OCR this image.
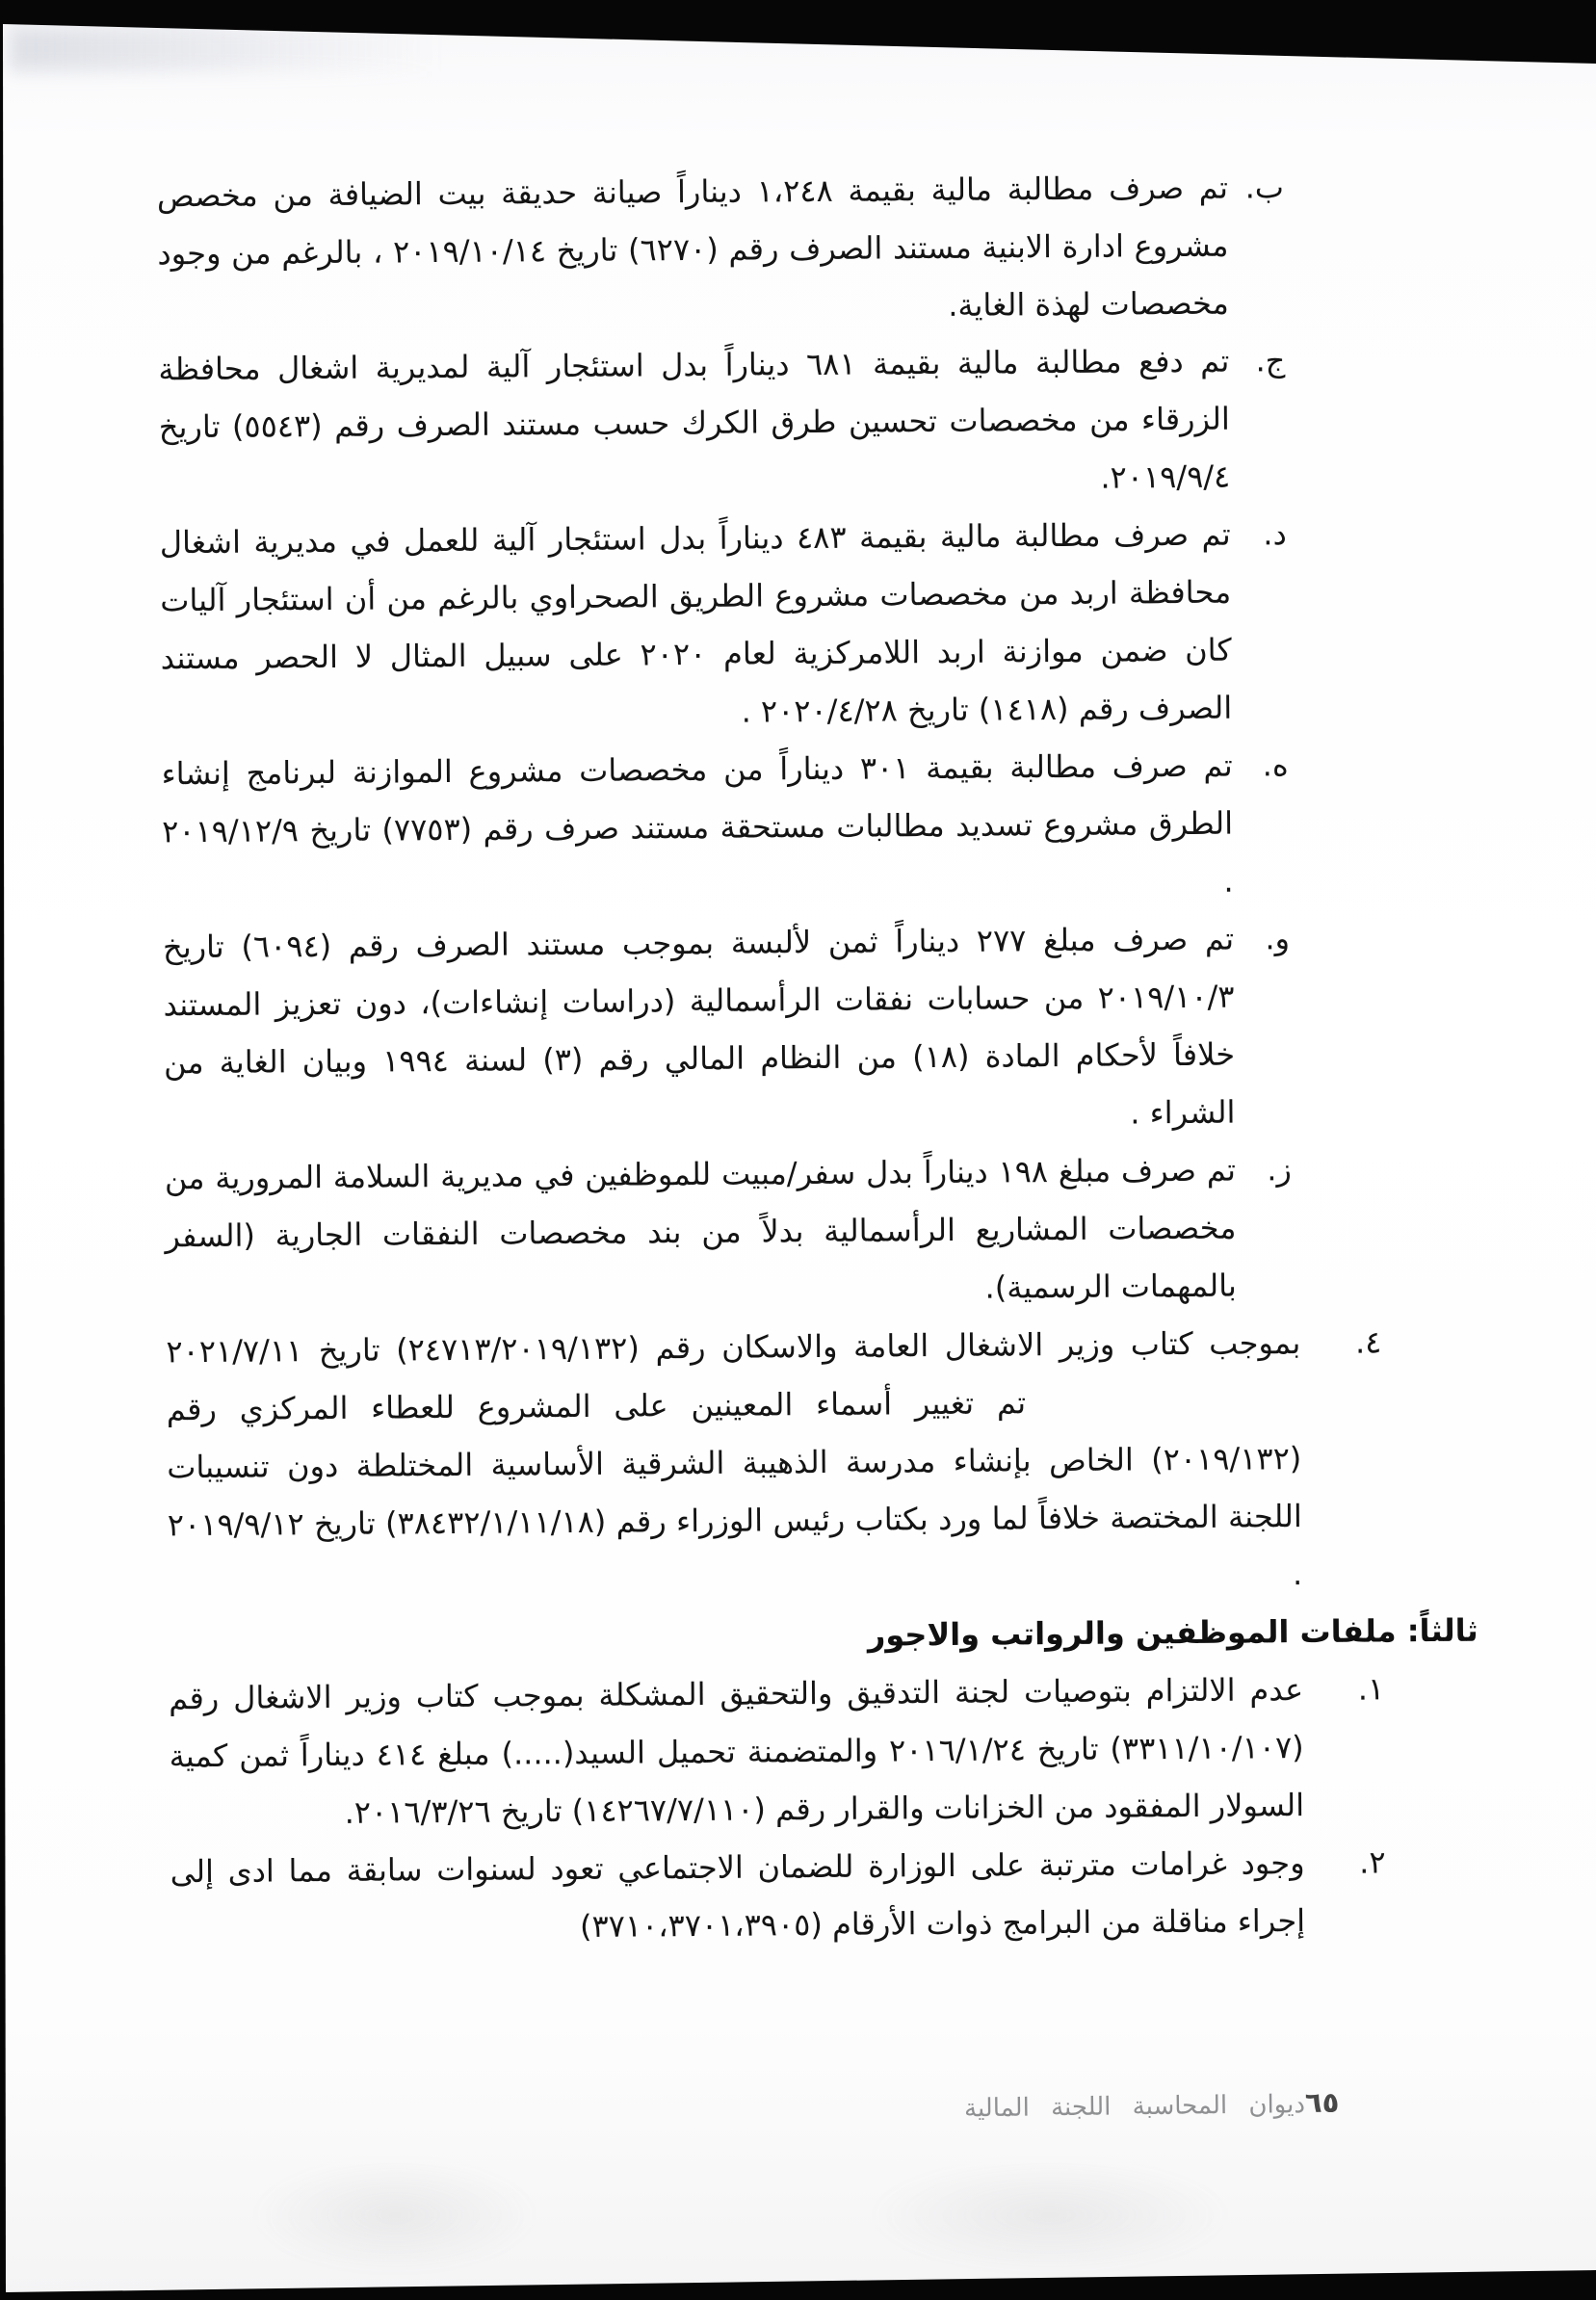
ب.
تم صرف مطالبة مالية بقيمة ١،٢٤٨ ديناراً صيانة حديقة بيت الضيافة من مخصص مشروع ادارة الابنية مستند الصرف رقم (٦٢٧٠) تاريخ ٢٠١٩/١٠/١٤ ، بالرغم من وجود مخصصات لهذة الغاية.
ج.
تم دفع مطالبة مالية بقيمة ٦٨١ ديناراً بدل استئجار آلية لمديرية اشغال محافظة الزرقاء من مخصصات تحسين طرق الكرك حسب مستند الصرف رقم (٥٥٤٣) تاريخ ٢٠١٩/٩/٤.
د.
تم صرف مطالبة مالية بقيمة ٤٨٣ ديناراً بدل استئجار آلية للعمل في مديرية اشغال محافظة اربد من مخصصات مشروع الطريق الصحراوي بالرغم من أن استئجار آليات كان ضمن موازنة اربد اللامركزية لعام ٢٠٢٠ على سبيل المثال لا الحصر مستند الصرف رقم (١٤١٨) تاريخ ٢٠٢٠/٤/٢٨ .
ه.
تم صرف مطالبة بقيمة ٣٠١ ديناراً من مخصصات مشروع الموازنة لبرنامج إنشاء الطرق مشروع تسديد مطالبات مستحقة مستند صرف رقم (٧٧٥٣) تاريخ ٢٠١٩/١٢/٩ .
و.
تم صرف مبلغ ٢٧٧ ديناراً ثمن لألبسة بموجب مستند الصرف رقم (٦٠٩٤) تاريخ ٢٠١٩/١٠/٣ من حسابات نفقات الرأسمالية (دراسات إنشاءات)، دون تعزيز المستند خلافاً لأحكام المادة (١٨) من النظام المالي رقم (٣) لسنة ١٩٩٤ وبيان الغاية من الشراء .
ز.
تم صرف مبلغ ١٩٨ ديناراً بدل سفر/مبيت للموظفين في مديرية السلامة المرورية من مخصصات المشاريع الرأسمالية بدلاً من بند مخصصات النفقات الجارية (السفر بالمهمات الرسمية).
٤.
بموجب كتاب وزير الاشغال العامة والاسكان رقم (٢٤٧١٣/٢٠١٩/١٣٢) تاريخ ٢٠٢١/٧/١١  تم تغيير أسماء المعينين على المشروع للعطاء المركزي رقم (٢٠١٩/١٣٢) الخاص بإنشاء مدرسة الذهيبة الشرقية الأساسية المختلطة دون تنسيبات اللجنة المختصة خلافاً لما ورد بكتاب رئيس الوزراء رقم (٣٨٤٣٢/١/١١/١٨) تاريخ ٢٠١٩/٩/١٢ .
ثالثاً: ملفات الموظفين والرواتب والاجور
١.
عدم الالتزام بتوصيات لجنة التدقيق والتحقيق المشكلة بموجب كتاب وزير الاشغال رقم (٣٣١١/١٠/١٠٧) تاريخ ٢٠١٦/١/٢٤ والمتضمنة تحميل السيد(.....) مبلغ ٤١٤ ديناراً ثمن كمية السولار المفقود من الخزانات والقرار رقم (١٤٢٦٧/٧/١١٠) تاريخ ٢٠١٦/٣/٢٦.
٢.
وجود غرامات مترتبة على الوزارة للضمان الاجتماعي تعود لسنوات سابقة مما ادى إلى إجراء مناقلة من البرامج ذوات الأرقام (٣٧١٠،٣٧٠١،٣٩٠٥)
٦٥ديوان المحاسبة اللجنة المالية
